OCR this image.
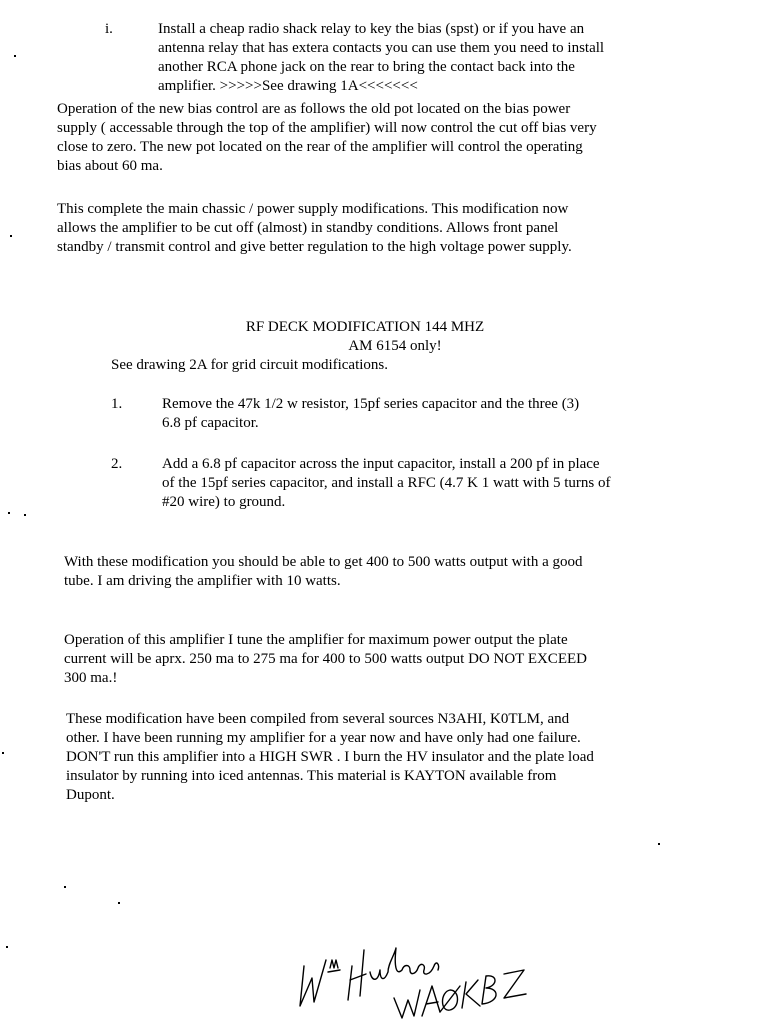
i.	Install a cheap radio shack relay to key the bias (spst) or if you have an
antenna relay that has extera contacts you can use them you need to install
another RCA phone jack on the rear to bring the contact back into the
amplifier. >>>>>See drawing 1A<<<<<<<
Operation of the new bias control are as follows the old pot located on the bias power
supply ( accessable through the top of the amplifier) will now control the cut off bias very
close to zero. The new pot located on the rear of the amplifier will control the operating
bias about 60 ma.
This complete the main chassic / power supply modifications. This modification now
allows the amplifier to be cut off (almost) in standby conditions. Allows front panel
standby / transmit control and give better regulation to the high voltage power supply.
RF DECK MODIFICATION 144 MHZ
AM 6154 only!
See drawing 2A for grid circuit modifications.
1.	Remove the 47k 1/2 w resistor, 15pf series capacitor and the three (3)
6.8 pf capacitor.
2.	Add a 6.8 pf capacitor across the input capacitor, install a 200 pf in place
of the 15pf series capacitor, and install a RFC (4.7 K 1 watt with 5 turns of
#20 wire) to ground.
With these modification you should be able to get 400 to 500 watts output with a good
tube. I am driving the amplifier with 10 watts.
Operation of this amplifier I tune the amplifier for maximum power output the plate
current will be aprx. 250 ma to 275 ma for 400 to 500 watts output DO NOT EXCEED
300 ma.!
These modification have been compiled from several sources N3AHI, K0TLM, and
other. I have been running my amplifier for a year now and have only had one failure.
DON'T run this amplifier into a HIGH SWR . I burn the HV insulator and the plate load
insulator by running into iced antennas. This material is KAYTON available from
Dupont.
